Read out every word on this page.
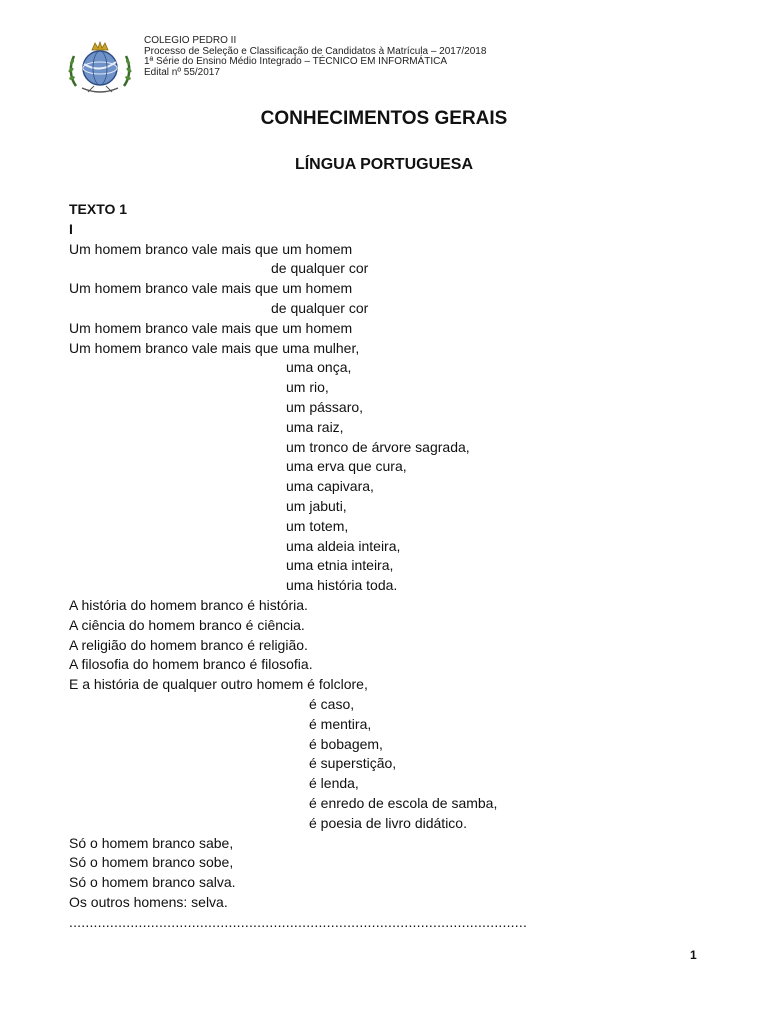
COLEGIO PEDRO II
Processo de Seleção e Classificação de Candidatos à Matrícula – 2017/2018
1ª Série do Ensino Médio Integrado – TÉCNICO EM INFORMÁTICA
Edital nº 55/2017
CONHECIMENTOS GERAIS
LÍNGUA PORTUGUESA
TEXTO 1
I
Um homem branco vale mais que um homem
de qualquer cor
Um homem branco vale mais que um homem
de qualquer cor
Um homem branco vale mais que um homem
Um homem branco vale mais que uma mulher,
uma onça,
um rio,
um pássaro,
uma raiz,
um tronco de árvore sagrada,
uma erva que cura,
uma capivara,
um jabuti,
um totem,
uma aldeia inteira,
uma etnia inteira,
uma história toda.
A história do homem branco é história.
A ciência do homem branco é ciência.
A religião do homem branco é religião.
A filosofia do homem branco é filosofia.
E a história de qualquer outro homem é folclore,
é caso,
é mentira,
é bobagem,
é superstição,
é lenda,
é enredo de escola de samba,
é poesia de livro didático.
Só o homem branco sabe,
Só o homem branco sobe,
Só o homem branco salva.
Os outros homens: selva.
................................................................................................................
1
